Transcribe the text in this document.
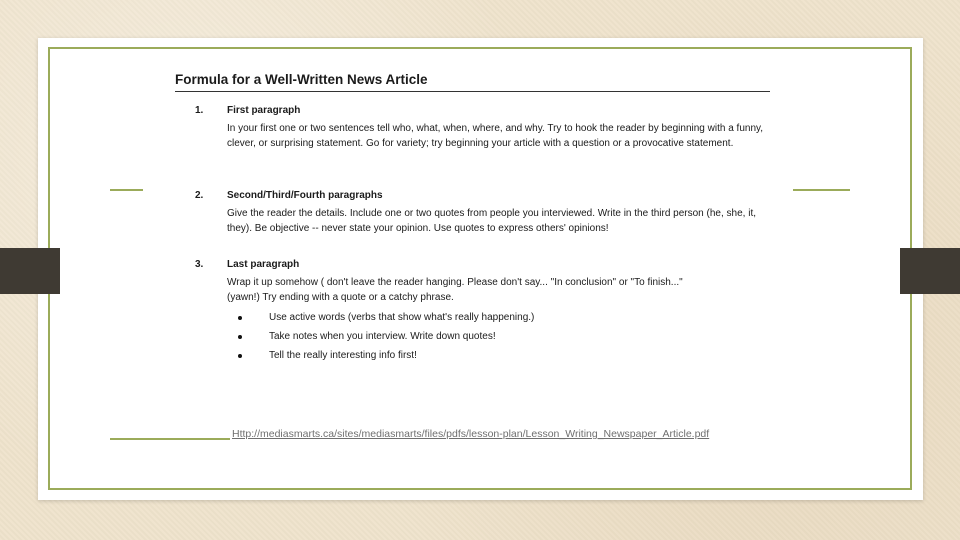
Formula for a Well-Written News Article
1. First paragraph
In your first one or two sentences tell who, what, when, where, and why. Try to hook the reader by beginning with a funny, clever, or surprising statement. Go for variety; try beginning your article with a question or a provocative statement.
2. Second/Third/Fourth paragraphs
Give the reader the details. Include one or two quotes from people you interviewed. Write in the third person (he, she, it, they). Be objective -- never state your opinion. Use quotes to express others' opinions!
3. Last paragraph
Wrap it up somehow ( don't leave the reader hanging. Please don't say... "In conclusion" or "To finish..." (yawn!) Try ending with a quote or a catchy phrase.
Use active words (verbs that show what's really happening.)
Take notes when you interview. Write down quotes!
Tell the really interesting info first!
Http://mediasmarts.ca/sites/mediasmarts/files/pdfs/lesson-plan/Lesson_Writing_Newspaper_Article.pdf
